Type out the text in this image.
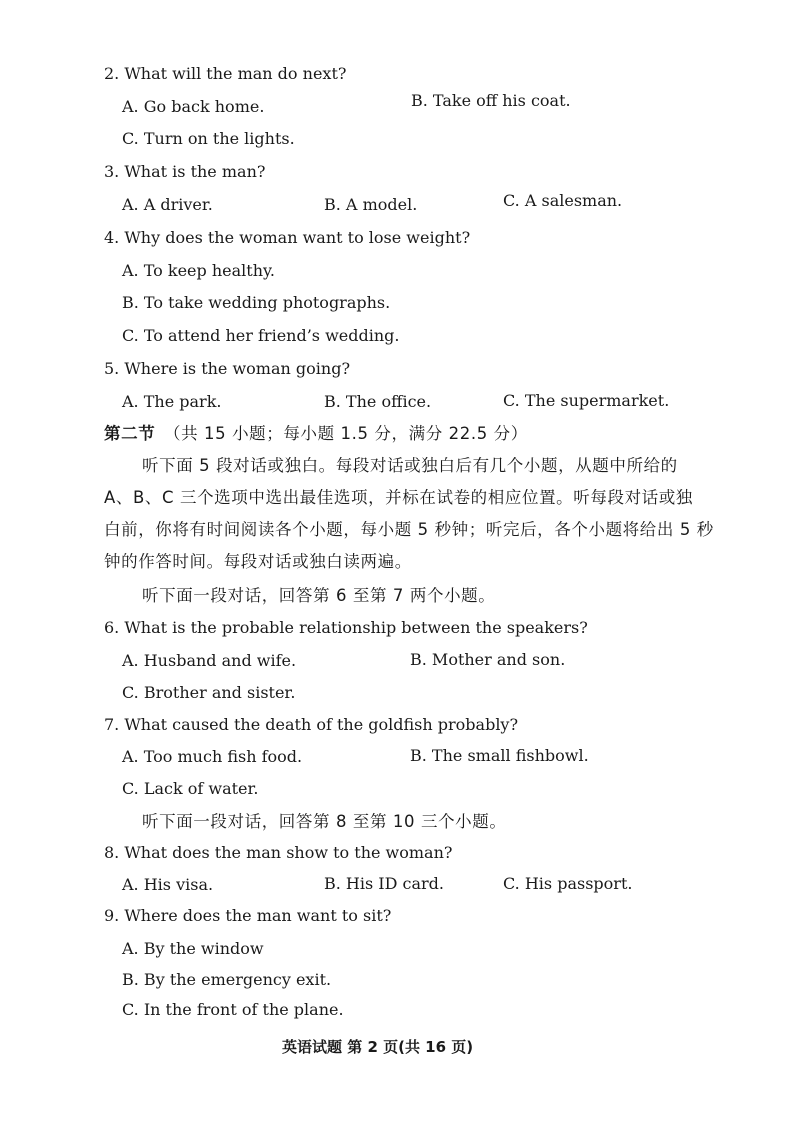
2. What will the man do next?
A. Go back home.	B. Take off his coat.
C. Turn on the lights.
3. What is the man?
A. A driver.	B. A model.	C. A salesman.
4. Why does the woman want to lose weight?
A. To keep healthy.
B. To take wedding photographs.
C. To attend her friend’s wedding.
5. Where is the woman going?
A. The park.	B. The office.	C. The supermarket.
第二节 （共 15 小题；每小题 1.5 分，满分 22.5 分）
听下面 5 段对话或独白。每段对话或独白后有几个小题，从题中所给的
A、B、C 三个选项中选出最佳选项，并标在试卷的相应位置。听每段对话或独
白前，你将有时间阅读各个小题，每小题 5 秒钟；听完后，各个小题将给出 5 秒
钟的作答时间。每段对话或独白读两遍。
听下面一段对话，回答第 6 至第 7 两个小题。
6. What is the probable relationship between the speakers?
A. Husband and wife.	B. Mother and son.
C. Brother and sister.
7. What caused the death of the goldfish probably?
A. Too much fish food.	B. The small fishbowl.
C. Lack of water.
听下面一段对话，回答第 8 至第 10 三个小题。
8. What does the man show to the woman?
A. His visa.	B. His ID card.	C. His passport.
9. Where does the man want to sit?
A. By the window
B. By the emergency exit.
C. In the front of the plane.
英语试题 第 2 页(共 16 页)
